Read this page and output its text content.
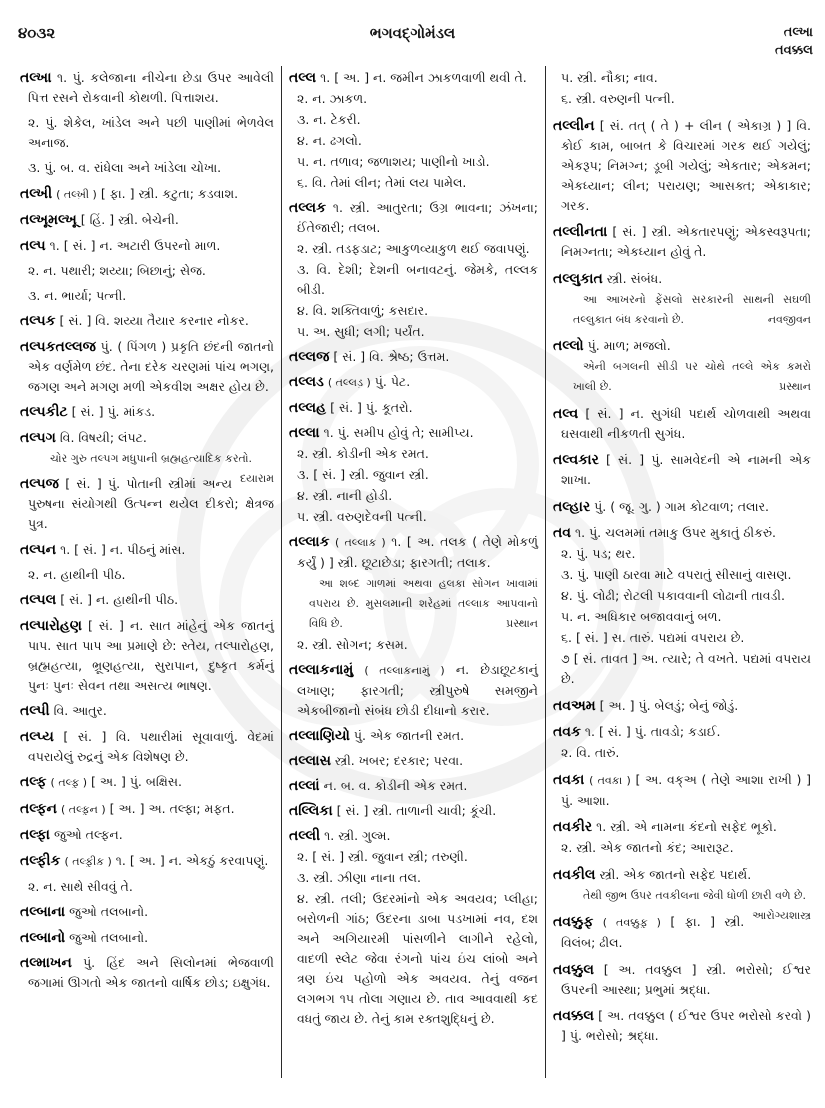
૪૦૩૨	ભગવદ્ગોમંડલ	તલ્ખા
તવક્કલ
તલ્ખા ૧. પું. કલેજાના નીચેના છેડા ઉપર આવેલી પિત્ત રસને રોકવાની કોથળી. પિત્તાશય.
૨. પું. શેકેલ, ખાંડેલ અને પછી પાણીમાં ભેળવેલ અનાજ.
૩. પું. બ. વ. રાંધેલા અને ખાંડેલા ચોખા.
તલ્ખી ( તલ્ખ઼ી ) [ ફા. ] સ્ત્રી. કટુતા; કડવાશ.
તલ્ખૂમલ્ખૂ [ હિં. ] સ્ત્રી. બેચેની.
તલ્પ ૧. [ સં. ] ન. અટારી ઉપરનો માળ.
૨. ન. પથારી; શય્યા; બિછાનું; સેજ.
૩. ન. ભાર્યા; પત્ની.
તલ્પક [ સં. ] વિ. શય્યા તૈયાર કરનાર નોકર.
તલ્પકતલ્લજ પું. ( પિંગળ ) પ્રકૃતિ છંદની જાતનો એક વર્ણમેળ છંદ. તેના દરેક ચરણમાં પાંચ ભગણ, જગણ અને મગણ મળી એકવીશ અક્ષર હોય છે.
તલ્પકીટ [ સં. ] પું. માંકડ.
તલ્પગ વિ. વિષયી; લંપટ.
ચોર ગુરુ તલ્પગ મધુપાની બ્રહ્મહત્યાદિક કરતો.
દયારામ
તલ્પજ [ સં. ] પું. પોતાની સ્ત્રીમાં અન્ય પુરુષના સંયોગથી ઉત્પન્ન થયેલ દીકરો; ક્ષેત્રજ પુત્ર.
તલ્પન ૧. [ સં. ] ન. પીઠનું માંસ.
૨. ન. હાથીની પીઠ.
તલ્પલ [ સં. ] ન. હાથીની પીઠ.
તલ્પારોહણ [ સં. ] ન. સાત માંહેનું એક જાતનું પાપ. સાત પાપ આ પ્રમાણે છે: સ્તેય, તલ્પારોહણ, બ્રહ્મહત્યા, ભ્રૂણહત્યા, સુરાપાન, દુષ્કૃત કર્મનું પુનઃ પુનઃ સેવન તથા અસત્ય ભાષણ.
તલ્પી વિ. આતુર.
તલ્પ્ય [ સં. ] વિ. પથારીમાં સૂવાવાળું. વેદમાં વપરાયેલું રુદ્રનું એક વિશેષણ છે.
તલ્ફ ( તલ્ફ઼ ) [ અ. ] પું. બક્ષિસ.
તલ્ફન ( તલ્ફ઼ન ) [ અ. ] અ. તલ્ફા; મફત.
તલ્ફા જુઓ તલ્ફન.
તલ્ફીક ( તલ્ફ઼ીક઼ ) ૧. [ અ. ] ન. એકઠું કરવાપણું.
૨. ન. સાથે સીવવું તે.
તલ્બાના જુઓ તલબાનો.
તલ્બાનો જુઓ તલબાનો.
તલ્માખન પું. હિંદ અને સિલોનમાં ભેજવાળી જગામાં ઊગતો એક જાતનો વાર્ષિક છોડ; ઇક્ષુગંધ.
તલ્લ ૧. [ અ. ] ન. જમીન ઝાકળવાળી થવી તે.
૨. ન. ઝાકળ.
૩. ન. ટેકરી.
૪. ન. ઢગલો.
૫. ન. તળાવ; જળાશય; પાણીનો ખાડો.
૬. વિ. તેમાં લીન; તેમાં લય પામેલ.
તલ્લક ૧. સ્ત્રી. આતુરતા; ઉગ્ર ભાવના; ઝંખના; ઈંતેજારી; તલબ.
૨. સ્ત્રી. તડફડાટ; આકુળવ્યાકુળ થઈ જવાપણું.
૩. વિ. દેશી; દેશની બનાવટનું. જેમકે, તલ્લક બીડી.
૪. વિ. શક્તિવાળું; કસદાર.
૫. અ. સુધી; લગી; પર્યંત.
તલ્લજ [ સં. ] વિ. શ્રેષ્ઠ; ઉત્તમ.
તલ્લડ ( તલ્લડ઼ ) પું. પેટ.
તલ્લહ [ સં. ] પું. કૂતરો.
તલ્લા ૧. પું. સમીપ હોવું તે; સામીપ્ય.
૨. સ્ત્રી. કોડીની એક રમત.
૩. [ સં. ] સ્ત્રી. જુવાન સ્ત્રી.
૪. સ્ત્રી. નાની હોડી.
૫. સ્ત્રી. વરુણદેવની પત્ની.
તલ્લાક ( તલ્લાક઼ ) ૧. [ અ. તલક ( તેણે મોકળું કર્યું ) ] સ્ત્રી. છૂટાછેડા; ફારગતી; તલાક.
આ શબ્દ ગાળમાં અથવા હલકા સોગન ખાવામાં વપરાય છે. મુસલમાની શરેહમાં તલ્લાક આપવાનો વિધિ છે.	પ્રસ્થાન
૨. સ્ત્રી. સોગન; કસમ.
તલ્લાકનામું ( તલ્લાક઼નામું ) ન. છેડાછૂટકાનું લખાણ; ફારગતી; સ્ત્રીપુરુષે સમજીને એકબીજાનો સંબંધ છોડી દીધાનો કરાર.
તલ્લાણિયો પું. એક જાતની રમત.
તલ્લાસ સ્ત્રી. ખબર; દરકાર; પરવા.
તલ્લાં ન. બ. વ. કોડીની એક રમત.
તલ્લિકા [ સં. ] સ્ત્રી. તાળાની ચાવી; કૂંચી.
તલ્લી ૧. સ્ત્રી. ગુલ્મ.
૨. [ સં. ] સ્ત્રી. જુવાન સ્ત્રી; તરુણી.
૩. સ્ત્રી. ઝીણા નાના તલ.
૪. સ્ત્રી. તલી; ઉદરમાંનો એક અવયવ; પ્લીહા; બરોળની ગાંઠ; ઉદરના ડાબા પડખામાં નવ, દશ અને અગિયારમી પાંસળીને લાગીને રહેલો, વાદળી સ્લેટ જેવા રંગનો પાંચ ઇંચ લાંબો અને ત્રણ ઇંચ પહોળો એક અવયવ. તેનું વજન લગભગ ૧૫ તોલા ગણાય છે. તાવ આવવાથી કદ વધતું જાય છે. તેનું કામ રક્તશુદ્ધિનું છે.
૫. સ્ત્રી. નૌકા; નાવ.
૬. સ્ત્રી. વરુણની પત્ની.
તલ્લીન [ સં. તત્ ( તે ) + લીન ( એકાગ્ર ) ] વિ. કોઈ કામ, બાબત કે વિચારમાં ગરક થઈ ગયેલું; એકરૂપ; નિમગ્ન; ડૂબી ગયેલું; એકતાર; એકમન; એકધ્યાન; લીન; પરાયણ; આસક્ત; એકાકાર; ગરક.
તલ્લીનતા [ સં. ] સ્ત્રી. એકતારપણું; એકસ્વરૂપતા; નિમગ્નતા; એકધ્યાન હોવું તે.
તલ્લુકાત સ્ત્રી. સંબંધ.
આ આખરનો ફેંસલો સરકારની સાથની સઘળી તલ્લુકાત બંધ કરવાનો છે.	નવજીવન
તલ્લો પું. માળ; મજલો.
એની બગલની સીડી પર ચોથે તલ્લે એક કમરો ખાલી છે.	પ્રસ્થાન
તલ્વ [ સં. ] ન. સુગંધી પદાર્થ ચોળવાથી અથવા ઘસવાથી નીકળતી સુગંધ.
તલ્વકાર [ સં. ] પું. સામવેદની એ નામની એક શાખા.
તલ્હાર પું. ( જૂ. ગુ. ) ગામ કોટવાળ; તલાર.
તવ ૧. પું. ચલમમાં તમાકુ ઉપર મુકાતું ઠીકરું.
૨. પું. પડ; થર.
૩. પું. પાણી ઠારવા માટે વપરાતું સીસાનું વાસણ.
૪. પું. લોઢી; રોટલી પકાવવાની લોઢાની તાવડી.
૫. ન. અધિકાર બજાવવાનું બળ.
૬. [ સં. ] સ. તારું. પદ્યમાં વપરાય છે.
૭ [ સં. તાવત ] અ. ત્યારે; તે વખતે. પદ્યમાં વપરાય છે.
તવઅમ [ અ. ] પું. બેલડું; બેનું જોડું.
તવક ૧. [ સં. ] પું. તાવડો; કડાઈ.
૨. વિ. તારું.
તવકા ( તવક઼ા ) [ અ. વક્અ ( તેણે આશા રાખી ) ] પું. આશા.
તવકીર ૧. સ્ત્રી. એ નામના કંદનો સફેદ ભૂકો.
૨. સ્ત્રી. એક જાતનો કંદ; આરારૂટ.
તવકીલ સ્ત્રી. એક જાતનો સફેદ પદાર્થ.
તેથી જીભ ઉપર તવકીલના જેવી ધોળી છારી વળે છે.
આરોગ્યશાસ્ત્ર
તવક્કુફ ( તવક્કુફ઼ ) [ ફા. ] સ્ત્રી. વિલંબ; ઢીલ.
તવક્કુલ [ અ. તવક્કુલ ] સ્ત્રી. ભરોસો; ઈશ્વર ઉપરની આસ્થા; પ્રભુમાં શ્રદ્ધા.
તવક્કલ [ અ. તવક્કુલ ( ઈશ્વર ઉપર ભરોસો કરવો ) ] પું. ભરોસો; શ્રદ્ધા.
